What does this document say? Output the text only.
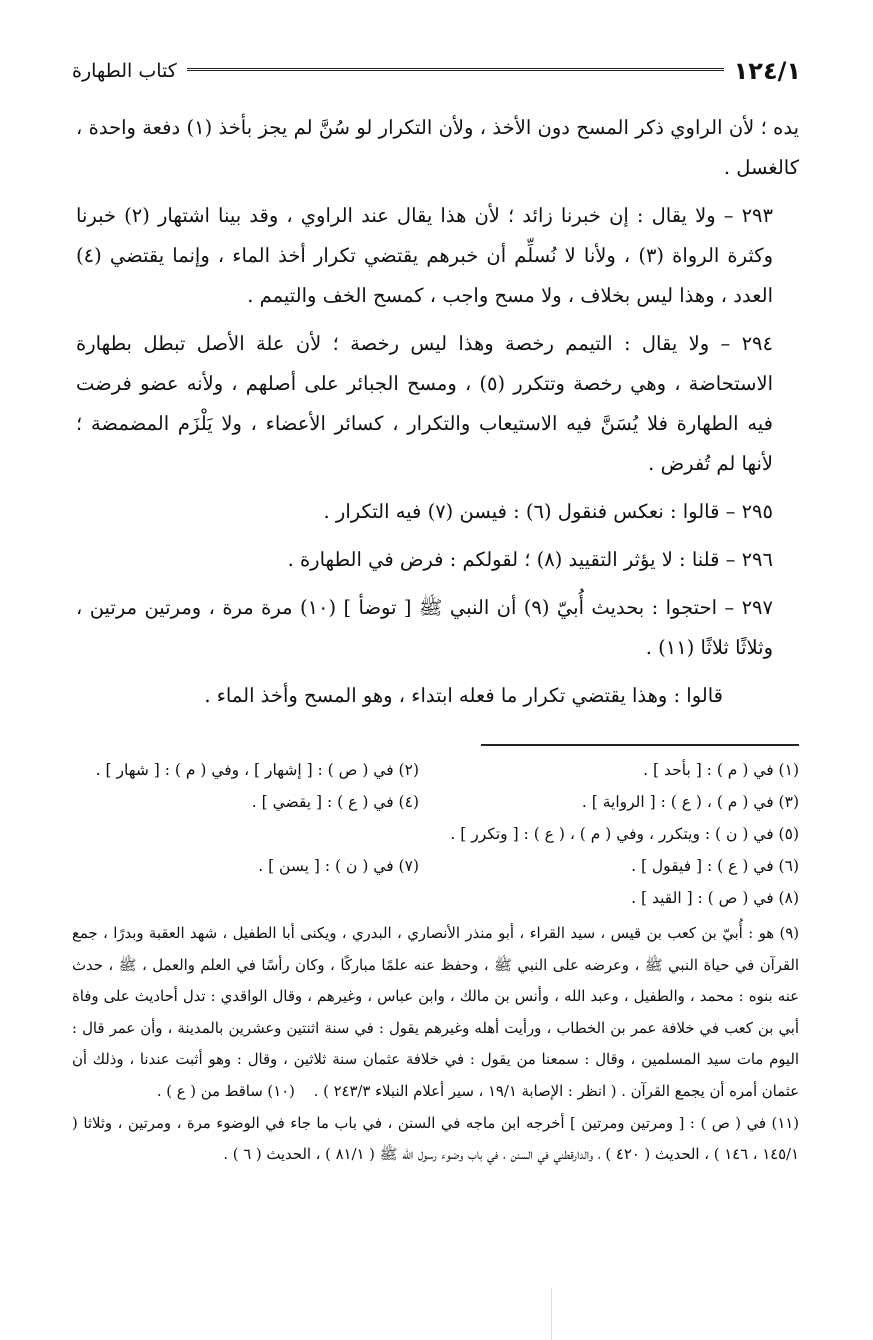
١٢٤/١
كتاب الطهارة

يده ؛ لأن الراوي ذكر المسح دون الأخذ ، ولأن التكرار لو سُنَّ لم يجز بأخذ (١) دفعة واحدة ، كالغسل .

٢٩٣ – ولا يقال : إن خبرنا زائد ؛ لأن هذا يقال عند الراوي ، وقد بينا اشتهار (٢) خبرنا وكثرة الرواة (٣) ، ولأنا لا نُسلِّم أن خبرهم يقتضي تكرار أخذ الماء ، وإنما يقتضي (٤) العدد ، وهذا ليس بخلاف ، ولا مسح واجب ، كمسح الخف والتيمم .

٢٩٤ – ولا يقال : التيمم رخصة وهذا ليس رخصة ؛ لأن علة الأصل تبطل بطهارة الاستحاضة ، وهي رخصة وتتكرر (٥) ، ومسح الجبائر على أصلهم ، ولأنه عضو فرضت فيه الطهارة فلا يُسَنَّ فيه الاستيعاب والتكرار ، كسائر الأعضاء ، ولا يَلْزَم المضمضة ؛ لأنها لم تُفرض .

٢٩٥ – قالوا : نعكس فنقول (٦) : فيسن (٧) فيه التكرار .

٢٩٦ – قلنا : لا يؤثر التقييد (٨) ؛ لقولكم : فرض في الطهارة .

٢٩٧ – احتجوا : بحديث أُبيّ (٩) أن النبي ﷺ [ توضأ ] (١٠) مرة مرة ، ومرتين مرتين ، وثلاثًا ثلاثًا (١١) .

قالوا : وهذا يقتضي تكرار ما فعله ابتداء ، وهو المسح وأخذ الماء .

(١) في ( م ) : [ بأحد ] .
(٢) في ( ص ) : [ إشهار ] ، وفي ( م ) : [ شهار ] .
(٣) في ( م ) ، ( ع ) : [ الرواية ] .
(٤) في ( ع ) : [ يقضي ] .
(٥) في ( ن ) : ويتكرر ، وفي ( م ) ، ( ع ) : [ وتكرر ] .
(٦) في ( ع ) : [ فيقول ] .
(٧) في ( ن ) : [ يسن ] .
(٨) في ( ص ) : [ القيد ] .

(٩) هو : أُبيّ بن كعب بن قيس ، سيد القراء ، أبو منذر الأنصاري ، البدري ، ويكنى أبا الطفيل ، شهد العقبة وبدرًا ، جمع القرآن في حياة النبي ﷺ ، وعرضه على النبي ﷺ ، وحفظ عنه علمًا مباركًا ، وكان رأسًا في العلم والعمل ، ﷺ ، حدث عنه بنوه : محمد ، والطفيل ، وعبد الله ، وأنس بن مالك ، وابن عباس ، وغيرهم ، وقال الواقدي : تدل أحاديث على وفاة أبي بن كعب في خلافة عمر بن الخطاب ، ورأيت أهله وغيرهم يقول : في سنة اثنتين وعشرين بالمدينة ، وأن عمر قال : اليوم مات سيد المسلمين ، وقال : سمعنا من يقول : في خلافة عثمان سنة ثلاثين ، وقال : وهو أثبت عندنا ، وذلك أن عثمان أمره أن يجمع القرآن . ( انظر : الإصابة ١٩/١ ، سير أعلام النبلاء ٢٤٣/٣ ) .    (١٠) ساقط من ( ع ) .

(١١) في ( ص ) : [ ومرتين ومرتين ] أخرجه ابن ماجه في السنن ، في باب ما جاء في الوضوء مرة ، ومرتين ، وثلاثا ( ١٤٥/١ ، ١٤٦ ) ، الحديث ( ٤٢٠ ) ، والدارقطني في السنن ، في باب وضوء رسول الله ﷺ ( ٨١/١ ) ، الحديث ( ٦ ) .
